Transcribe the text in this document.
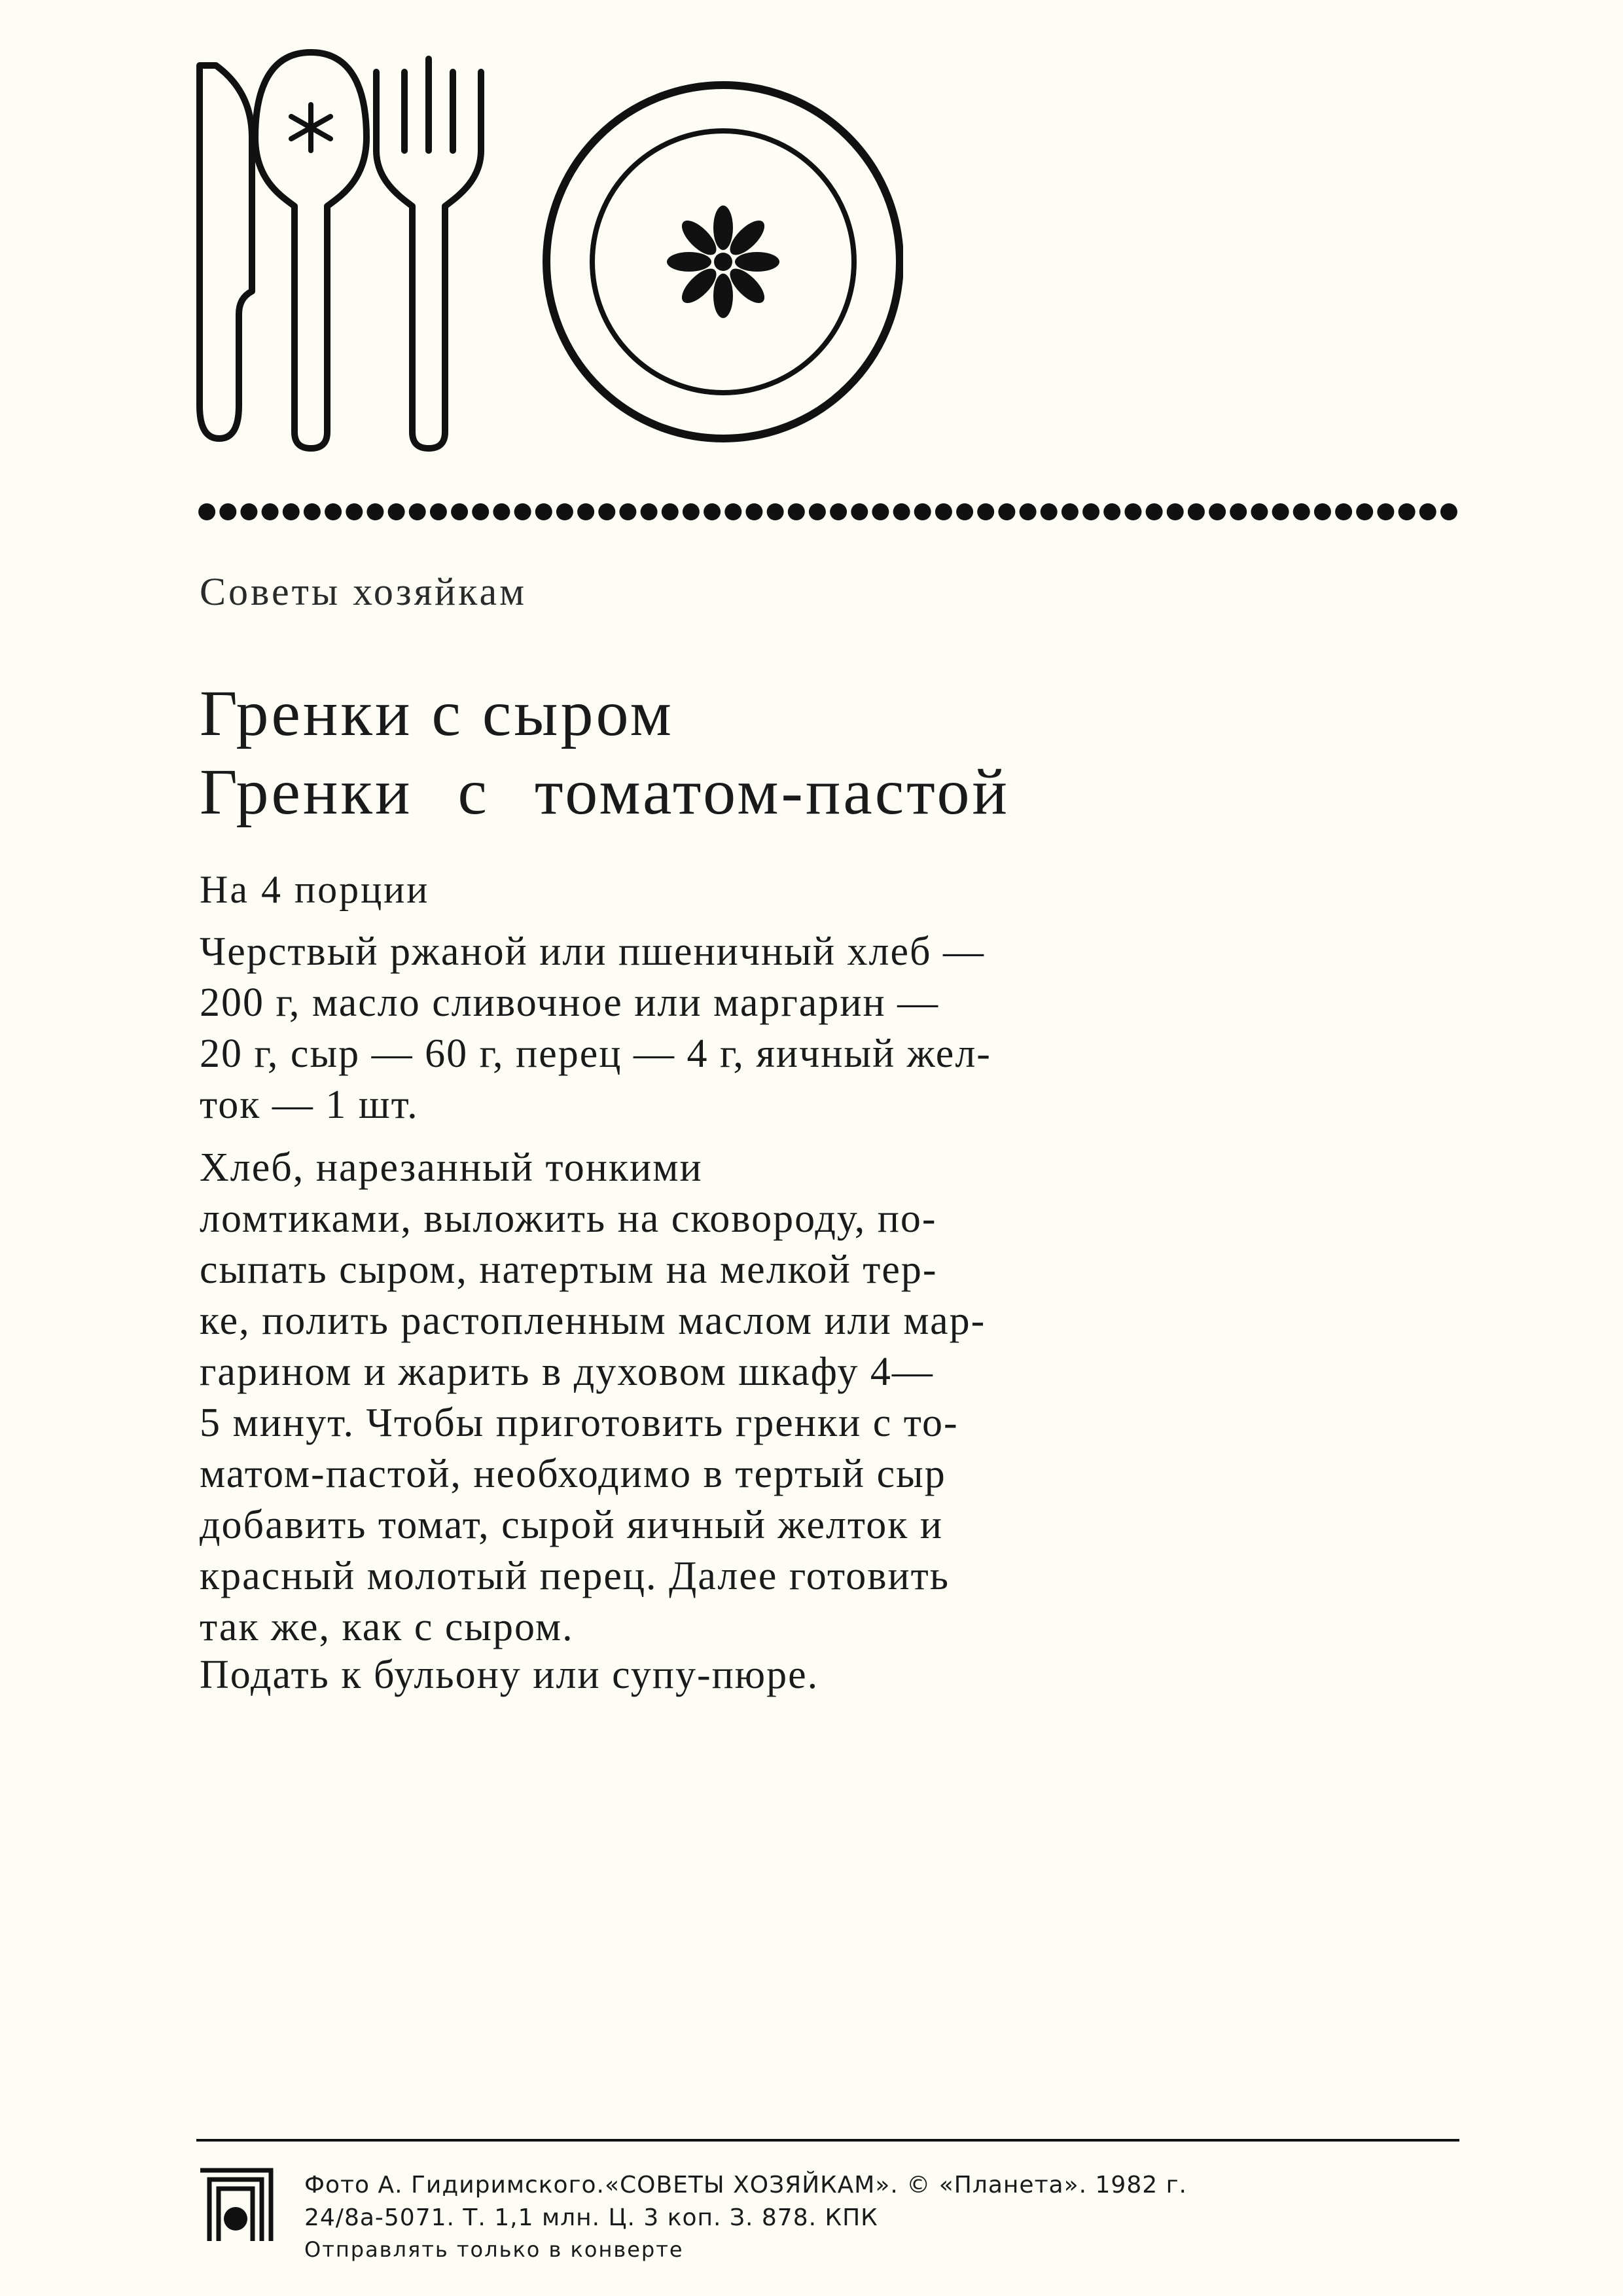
Советы хозяйкам
Гренки с сыром
Гренки с томатом-пастой
На 4 порции
Черствый ржаной или пшеничный хлеб —
200 г, масло сливочное или маргарин —
20 г, сыр — 60 г, перец — 4 г, яичный жел-
ток — 1 шт.
Хлеб, нарезанный тонкими
ломтиками, выложить на сковороду, по-
сыпать сыром, натертым на мелкой тер-
ке, полить растопленным маслом или мар-
гарином и жарить в духовом шкафу 4—
5 минут. Чтобы приготовить гренки с то-
матом-пастой, необходимо в тертый сыр
добавить томат, сырой яичный желток и
красный молотый перец. Далее готовить
так же, как с сыром.
Подать к бульону или супу-пюре.
Фото А. Гидиримского.«СОВЕТЫ ХОЗЯЙКАМ». © «Планета». 1982 г.
24/8а-5071. Т. 1,1 млн. Ц. 3 коп. З. 878. КПК
Отправлять только в конверте
